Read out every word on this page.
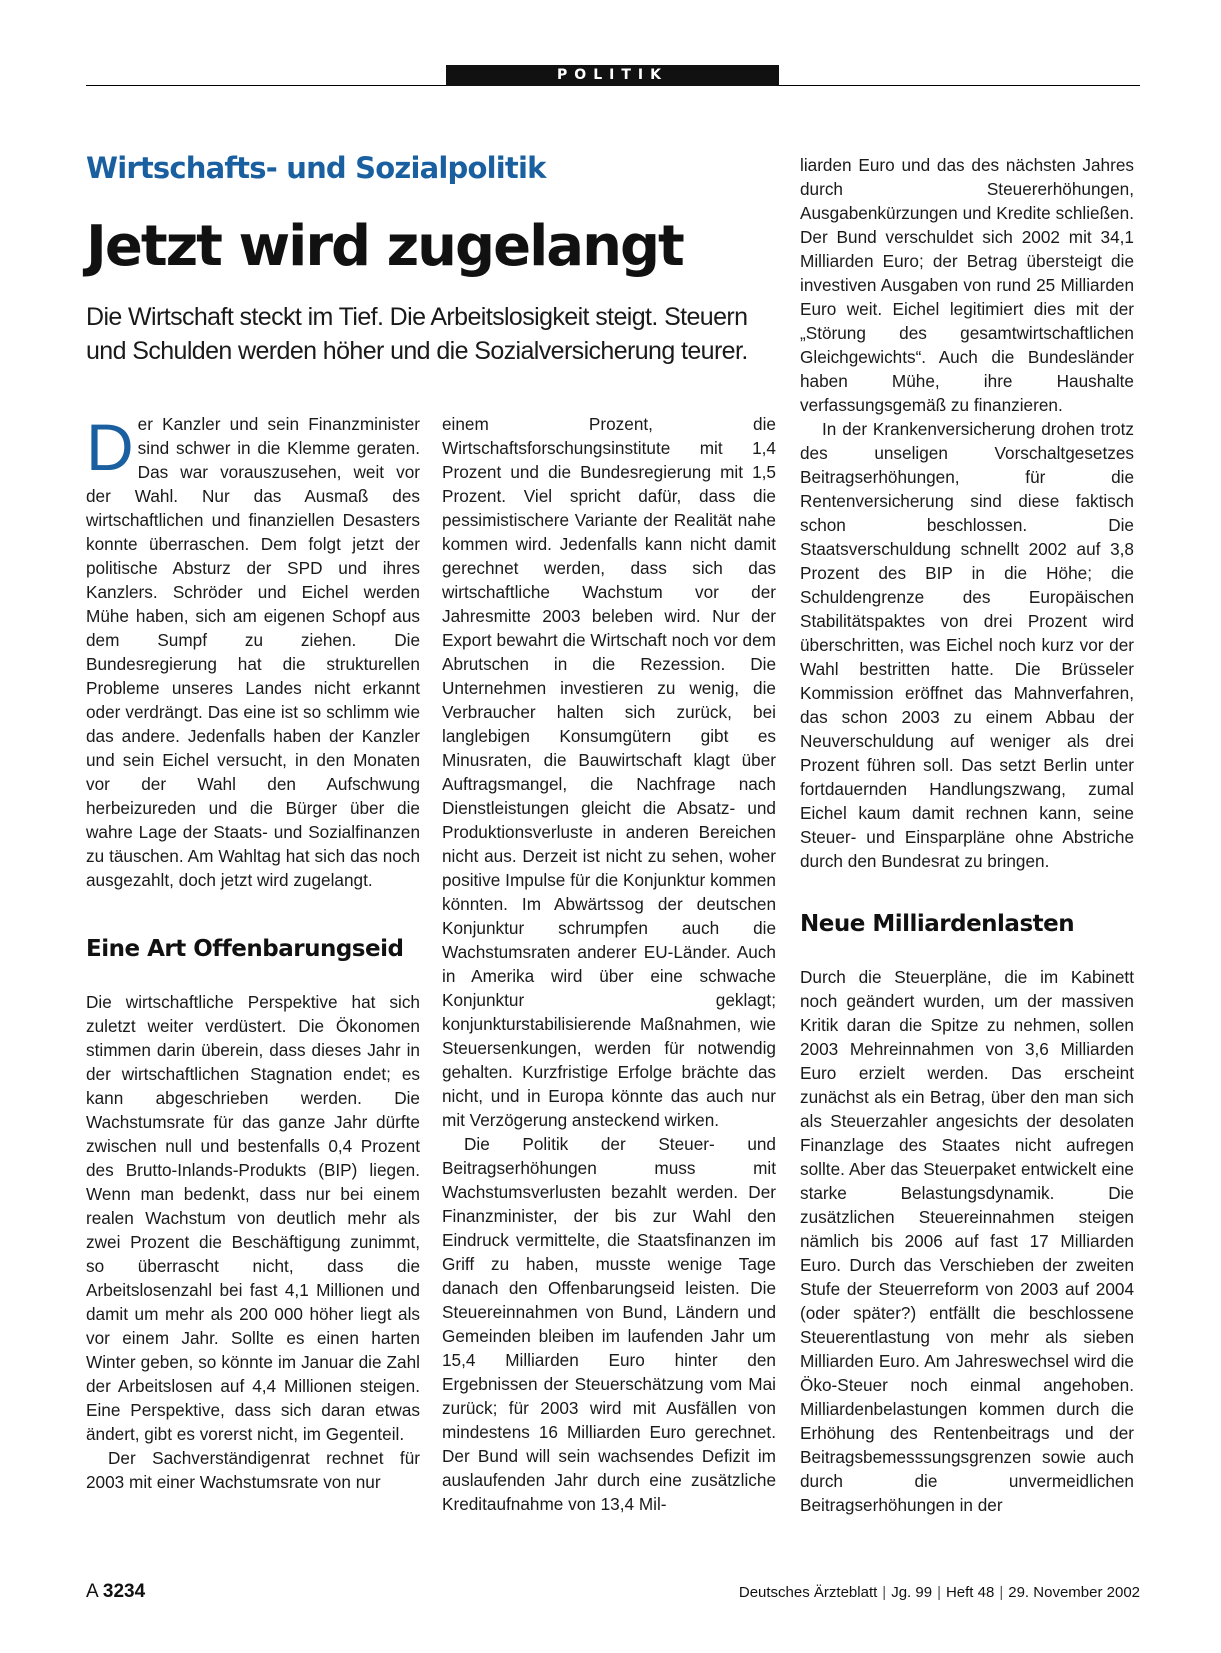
POLITIK
Wirtschafts- und Sozialpolitik
Jetzt wird zugelangt

Die Wirtschaft steckt im Tief. Die Arbeitslosigkeit steigt. Steuern und Schulden werden höher und die Sozialversicherung teurer.

Der Kanzler und sein Finanzminister sind schwer in die Klemme geraten. Das war vorauszusehen, weit vor der Wahl. Nur das Ausmaß des wirtschaftlichen und finanziellen Desasters konnte überraschen. Dem folgt jetzt der politische Absturz der SPD und ihres Kanzlers. Schröder und Eichel werden Mühe haben, sich am eigenen Schopf aus dem Sumpf zu ziehen. Die Bundesregierung hat die strukturellen Probleme unseres Landes nicht erkannt oder verdrängt. Das eine ist so schlimm wie das andere. Jedenfalls haben der Kanzler und sein Eichel versucht, in den Monaten vor der Wahl den Aufschwung herbeizureden und die Bürger über die wahre Lage der Staats- und Sozialfinanzen zu täuschen. Am Wahltag hat sich das noch ausgezahlt, doch jetzt wird zugelangt.

Eine Art Offenbarungseid

Die wirtschaftliche Perspektive hat sich zuletzt weiter verdüstert. Die Ökonomen stimmen darin überein, dass dieses Jahr in der wirtschaftlichen Stagnation endet; es kann abgeschrieben werden. Die Wachstumsrate für das ganze Jahr dürfte zwischen null und bestenfalls 0,4 Prozent des Brutto-Inlands-Produkts (BIP) liegen. Wenn man bedenkt, dass nur bei einem realen Wachstum von deutlich mehr als zwei Prozent die Beschäftigung zunimmt, so überrascht nicht, dass die Arbeitslosenzahl bei fast 4,1 Millionen und damit um mehr als 200 000 höher liegt als vor einem Jahr. Sollte es einen harten Winter geben, so könnte im Januar die Zahl der Arbeitslosen auf 4,4 Millionen steigen. Eine Perspektive, dass sich daran etwas ändert, gibt es vorerst nicht, im Gegenteil.

Der Sachverständigenrat rechnet für 2003 mit einer Wachstumsrate von nur

einem Prozent, die Wirtschaftsforschungsinstitute mit 1,4 Prozent und die Bundesregierung mit 1,5 Prozent. Viel spricht dafür, dass die pessimistischere Variante der Realität nahe kommen wird. Jedenfalls kann nicht damit gerechnet werden, dass sich das wirtschaftliche Wachstum vor der Jahresmitte 2003 beleben wird. Nur der Export bewahrt die Wirtschaft noch vor dem Abrutschen in die Rezession. Die Unternehmen investieren zu wenig, die Verbraucher halten sich zurück, bei langlebigen Konsumgütern gibt es Minusraten, die Bauwirtschaft klagt über Auftragsmangel, die Nachfrage nach Dienstleistungen gleicht die Absatz- und Produktionsverluste in anderen Bereichen nicht aus. Derzeit ist nicht zu sehen, woher positive Impulse für die Konjunktur kommen könnten. Im Abwärtssog der deutschen Konjunktur schrumpfen auch die Wachstumsraten anderer EU-Länder. Auch in Amerika wird über eine schwache Konjunktur geklagt; konjunkturstabilisierende Maßnahmen, wie Steuersenkungen, werden für notwendig gehalten. Kurzfristige Erfolge brächte das nicht, und in Europa könnte das auch nur mit Verzögerung ansteckend wirken.

Die Politik der Steuer- und Beitragserhöhungen muss mit Wachstumsverlusten bezahlt werden. Der Finanzminister, der bis zur Wahl den Eindruck vermittelte, die Staatsfinanzen im Griff zu haben, musste wenige Tage danach den Offenbarungseid leisten. Die Steuereinnahmen von Bund, Ländern und Gemeinden bleiben im laufenden Jahr um 15,4 Milliarden Euro hinter den Ergebnissen der Steuerschätzung vom Mai zurück; für 2003 wird mit Ausfällen von mindestens 16 Milliarden Euro gerechnet. Der Bund will sein wachsendes Defizit im auslaufenden Jahr durch eine zusätzliche Kreditaufnahme von 13,4 Mil-

liarden Euro und das des nächsten Jahres durch Steuererhöhungen, Ausgabenkürzungen und Kredite schließen. Der Bund verschuldet sich 2002 mit 34,1 Milliarden Euro; der Betrag übersteigt die investiven Ausgaben von rund 25 Milliarden Euro weit. Eichel legitimiert dies mit der „Störung des gesamtwirtschaftlichen Gleichgewichts“. Auch die Bundesländer haben Mühe, ihre Haushalte verfassungsgemäß zu finanzieren.

In der Krankenversicherung drohen trotz des unseligen Vorschaltgesetzes Beitragserhöhungen, für die Rentenversicherung sind diese faktisch schon beschlossen. Die Staatsverschuldung schnellt 2002 auf 3,8 Prozent des BIP in die Höhe; die Schuldengrenze des Europäischen Stabilitätspaktes von drei Prozent wird überschritten, was Eichel noch kurz vor der Wahl bestritten hatte. Die Brüsseler Kommission eröffnet das Mahnverfahren, das schon 2003 zu einem Abbau der Neuverschuldung auf weniger als drei Prozent führen soll. Das setzt Berlin unter fortdauernden Handlungszwang, zumal Eichel kaum damit rechnen kann, seine Steuer- und Einsparpläne ohne Abstriche durch den Bundesrat zu bringen.

Neue Milliardenlasten

Durch die Steuerpläne, die im Kabinett noch geändert wurden, um der massiven Kritik daran die Spitze zu nehmen, sollen 2003 Mehreinnahmen von 3,6 Milliarden Euro erzielt werden. Das erscheint zunächst als ein Betrag, über den man sich als Steuerzahler angesichts der desolaten Finanzlage des Staates nicht aufregen sollte. Aber das Steuerpaket entwickelt eine starke Belastungsdynamik. Die zusätzlichen Steuereinnahmen steigen nämlich bis 2006 auf fast 17 Milliarden Euro. Durch das Verschieben der zweiten Stufe der Steuerreform von 2003 auf 2004 (oder später?) entfällt die beschlossene Steuerentlastung von mehr als sieben Milliarden Euro. Am Jahreswechsel wird die Öko-Steuer noch einmal angehoben. Milliardenbelastungen kommen durch die Erhöhung des Rentenbeitrags und der Beitragsbemesssungsgrenzen sowie auch durch die unvermeidlichen Beitragserhöhungen in der

A 3234	Deutsches Ärzteblatt | Jg. 99 | Heft 48 | 29. November 2002
